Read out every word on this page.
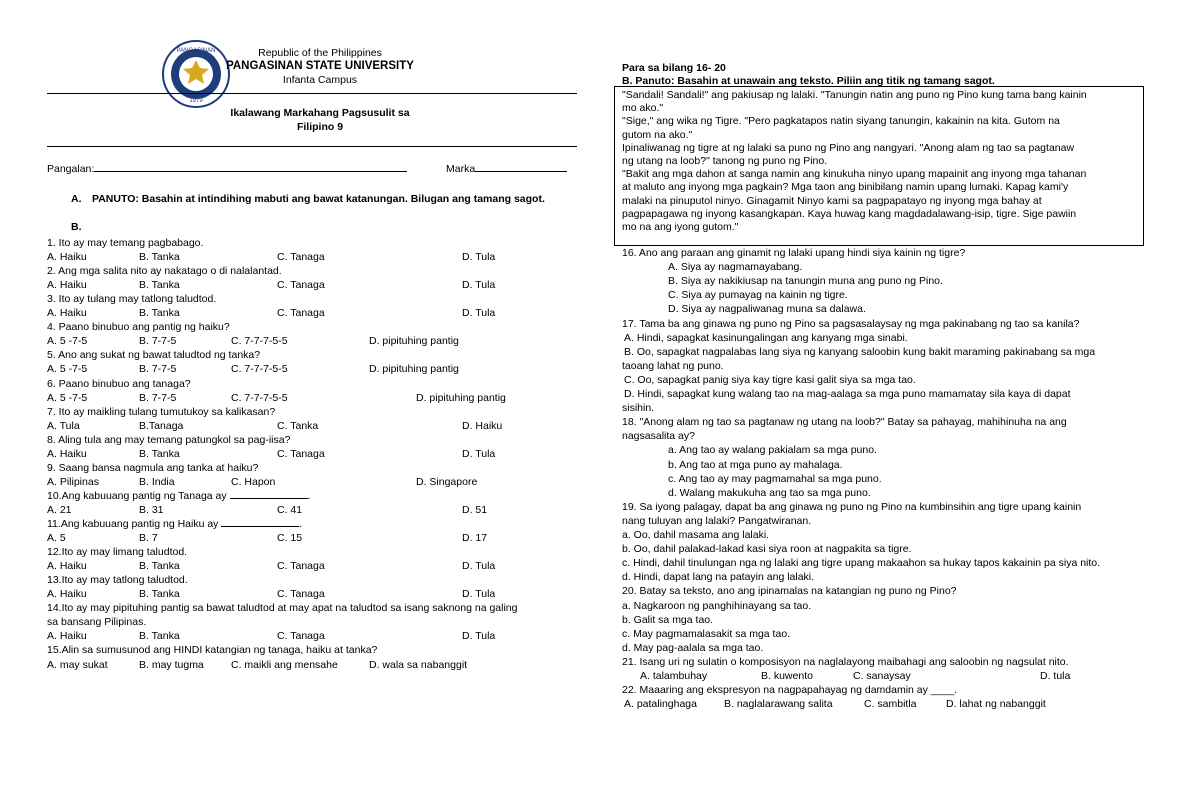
PANGASINAN
1979
Republic of the Philippines
PANGASINAN STATE UNIVERSITY
Infanta Campus
Ikalawang Markahang Pagsusulit sa
Filipino 9
Pangalan:	Marka
A. PANUTO: Basahin at intindihing mabuti ang bawat katanungan. Bilugan ang tamang sagot.
B.
1. Ito ay may temang pagbabago.
A. Haiku	B. Tanka	C. Tanaga	D. Tula
2. Ang mga salita nito ay nakatago o di nalalantad.
A. Haiku	B. Tanka	C. Tanaga	D. Tula
3. Ito ay tulang may tatlong taludtod.
A. Haiku	B. Tanka	C. Tanaga	D. Tula
4. Paano binubuo ang pantig ng haiku?
A. 5 -7-5	B. 7-7-5	C. 7-7-7-5-5	D. pipituhing pantig
5. Ano ang sukat ng bawat taludtod ng tanka?
A. 5 -7-5	B. 7-7-5	C. 7-7-7-5-5	D. pipituhing pantig
6. Paano binubuo ang tanaga?
A. 5 -7-5	B. 7-7-5	C. 7-7-7-5-5	D. pipituhing pantig
7. Ito ay maikling tulang tumutukoy sa kalikasan?
A. Tula	B.Tanaga	C. Tanka	D. Haiku
8. Aling tula ang may temang patungkol sa pag-iisa?
A. Haiku	B. Tanka	C. Tanaga	D. Tula
9. Saang bansa nagmula ang tanka at haiku?
A. Pilipinas	B. India	C. Hapon	D. Singapore
10.Ang kabuuang pantig ng Tanaga ay	.
A. 21	B. 31	C. 41	D. 51
11.Ang kabuuang pantig ng Haiku ay	.
A. 5	B. 7	C. 15	D. 17
12.Ito ay may limang taludtod.
A. Haiku	B. Tanka	C. Tanaga	D. Tula
13.Ito ay may tatlong taludtod.
A. Haiku	B. Tanka	C. Tanaga	D. Tula
14.Ito ay may pipituhing pantig sa bawat taludtod at may apat na taludtod sa isang saknong na galing
sa bansang Pilipinas.
A. Haiku	B. Tanka	C. Tanaga	D. Tula
15.Alin sa sumusunod ang HINDI katangian ng tanaga, haiku at tanka?
A. may sukat	B. may tugma	C. maikli ang mensahe	D. wala sa nabanggit
Para sa bilang 16- 20
B. Panuto: Basahin at unawain ang teksto. Piliin ang titik ng tamang sagot.
"Sandali! Sandali!" ang pakiusap ng lalaki. "Tanungin natin ang puno ng Pino kung tama bang kainin
mo ako."
"Sige," ang wika ng Tigre. "Pero pagkatapos natin siyang tanungin, kakainin na kita. Gutom na
gutom na ako."
Ipinaliwanag ng tigre at ng lalaki sa puno ng Pino ang nangyari. "Anong alam ng tao sa pagtanaw
ng utang na loob?" tanong ng puno ng Pino.
"Bakit ang mga dahon at sanga namin ang kinukuha ninyo upang mapainit ang inyong mga tahanan
at maluto ang inyong mga pagkain? Mga taon ang binibilang namin upang lumaki. Kapag kami'y
malaki na pinuputol ninyo. Ginagamit Ninyo kami sa pagpapatayo ng inyong mga bahay at
pagpapagawa ng inyong kasangkapan. Kaya huwag kang magdadalawang-isip, tigre. Sige pawiin
mo na ang iyong gutom."
16. Ano ang paraan ang ginamit ng lalaki upang hindi siya kainin ng tigre?
A. Siya ay nagmamayabang.
B. Siya ay nakikiusap na tanungin muna ang puno ng Pino.
C. Siya ay pumayag na kainin ng tigre.
D. Siya ay nagpaliwanag muna sa dalawa.
17. Tama ba ang ginawa ng puno ng Pino sa pagsasalaysay ng mga pakinabang ng tao sa kanila?
A. Hindi, sapagkat kasinungalingan ang kanyang mga sinabi.
B. Oo, sapagkat nagpalabas lang siya ng kanyang saloobin kung bakit maraming pakinabang sa mga
taoang lahat ng puno.
C. Oo, sapagkat panig siya kay tigre kasi galit siya sa mga tao.
D. Hindi, sapagkat kung walang tao na mag-aalaga sa mga puno mamamatay sila kaya di dapat
sisihin.
18. "Anong alam ng tao sa pagtanaw ng utang na loob?" Batay sa pahayag, mahihinuha na ang
nagsasalita ay?
a. Ang tao ay walang pakialam sa mga puno.
b. Ang tao at mga puno ay mahalaga.
c. Ang tao ay may pagmamahal sa mga puno.
d. Walang makukuha ang tao sa mga puno.
19. Sa iyong palagay, dapat ba ang ginawa ng puno ng Pino na kumbinsihin ang tigre upang kainin
nang tuluyan ang lalaki? Pangatwiranan.
a. Oo, dahil masama ang lalaki.
b. Oo, dahil palakad-lakad kasi siya roon at nagpakita sa tigre.
c. Hindi, dahil tinulungan nga ng lalaki ang tigre upang makaahon sa hukay tapos kakainin pa siya nito.
d. Hindi, dapat lang na patayin ang lalaki.
20. Batay sa teksto, ano ang ipinamalas na katangian ng puno ng Pino?
a. Nagkaroon ng panghihinayang sa tao.
b. Galit sa mga tao.
c. May pagmamalasakit sa mga tao.
d. May pag-aalala sa mga tao.
21. Isang uri ng sulatin o komposisyon na naglalayong maibahagi ang saloobin ng nagsulat nito.
A. talambuhay	B. kuwento	C. sanaysay	D. tula
22. Maaaring ang ekspresyon na nagpapahayag ng damdamin ay ____.
A. patalinghaga	B. naglalarawang salita	C. sambitla	D. lahat ng nabanggit
